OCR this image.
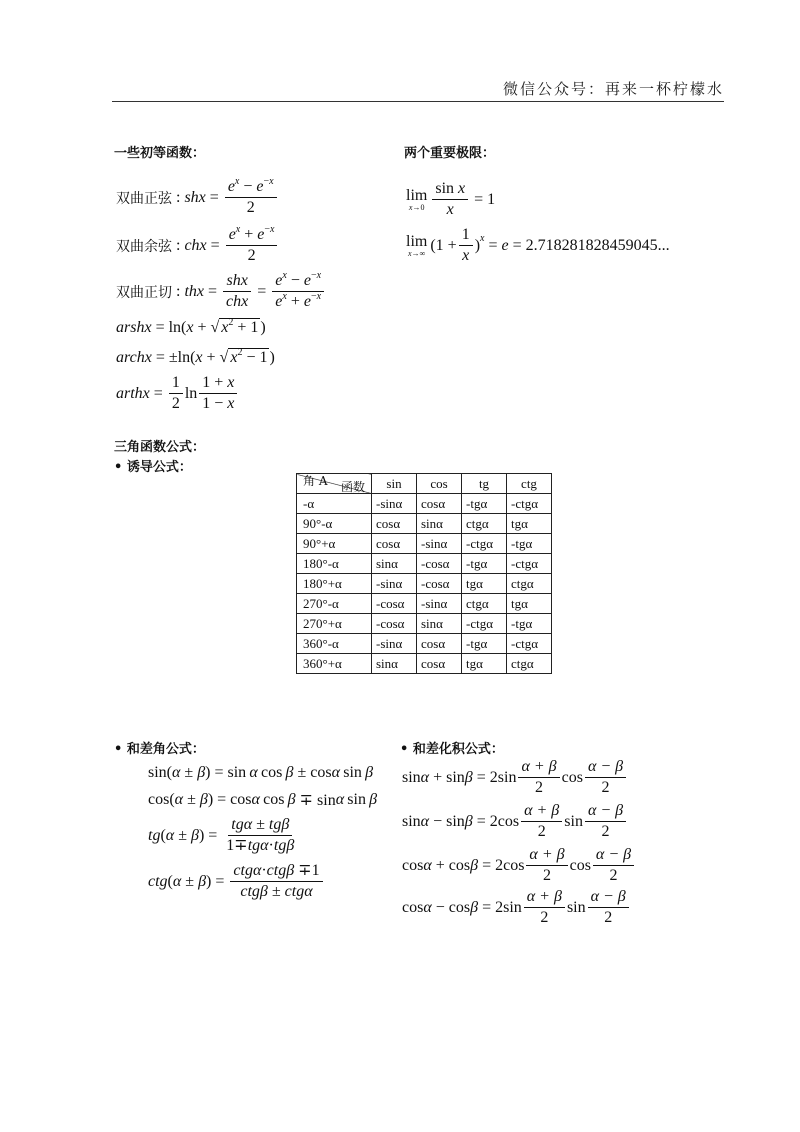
微信公众号：再来一杯柠檬水
一些初等函数：	两个重要极限：
三角函数公式：
• 诱导公式：
• 和差角公式：	• 和差化积公式：
双曲正弦 : shx = $\frac{e^x - e^{-x}}{2}$
双曲余弦 : chx = $\frac{e^x + e^{-x}}{2}$
双曲正切 : thx = $\frac{\text{shx}}{\text{chx}} = \frac{e^x - e^{-x}}{e^x + e^{-x}}$
arshx = ln( x + √ $x^2 + 1$ )
archx = ±ln( x + √ $x^2 - 1$ )
arthx = $\frac{1}{2}$ $\ln \frac{1 + x}{1 - x}$
lim
$x\to 0 \frac{\text{sin x}}{x} = 1$
lim
x→∞ ($1 + \frac{1}{x}$ ) x = e = 2.718281828459045...
函数
角 A	sin	cos	tg	ctg
-α	-sinα	cosα	-tgα	-ctgα
90°-α	cosα	sinα	ctgα	tgα
90°+α	cosα	-sinα	-ctgα	-tgα
180°-α	sinα	-cosα	-tgα	-ctgα
180°+α	-sinα	-cosα	tgα	ctgα
270°-α	-cosα	-sinα	ctgα	tgα
270°+α	-cosα	sinα	-ctgα	-tgα
360°-α	-sinα	cosα	-tgα	-ctgα
360°+α	sinα	cosα	tgα	ctgα
sin( α ± β ) = sin  α  cos  β ± cos α  sin  β
cos( α ± β ) = cos α  cos  β ∓ sin α  sin  β
tg ( α ± β ) = $\frac{\text{tgα ± tgβ}}{\text{1∓tgα·tgβ}}$
ctg ( α ± β ) = $\frac{\text{ctgα·ctgβ ∓1}}{\text{ctgβ ± ctgα}}$
$\sin \alpha + \sin \beta = 2\sin \frac{\alpha + \beta}{2}$ $\cos \frac{\alpha - \beta}{2}$
$\sin \alpha - \sin \beta = 2\cos \frac{\alpha + \beta}{2}$ $\sin \frac{\alpha - \beta}{2}$
$\cos \alpha + \cos \beta = 2\cos \frac{\alpha + \beta}{2}$ $\cos \frac{\alpha - \beta}{2}$
$\cos \alpha - \cos \beta = 2\sin \frac{\alpha + \beta}{2}$ $\sin \frac{\alpha - \beta}{2}$
